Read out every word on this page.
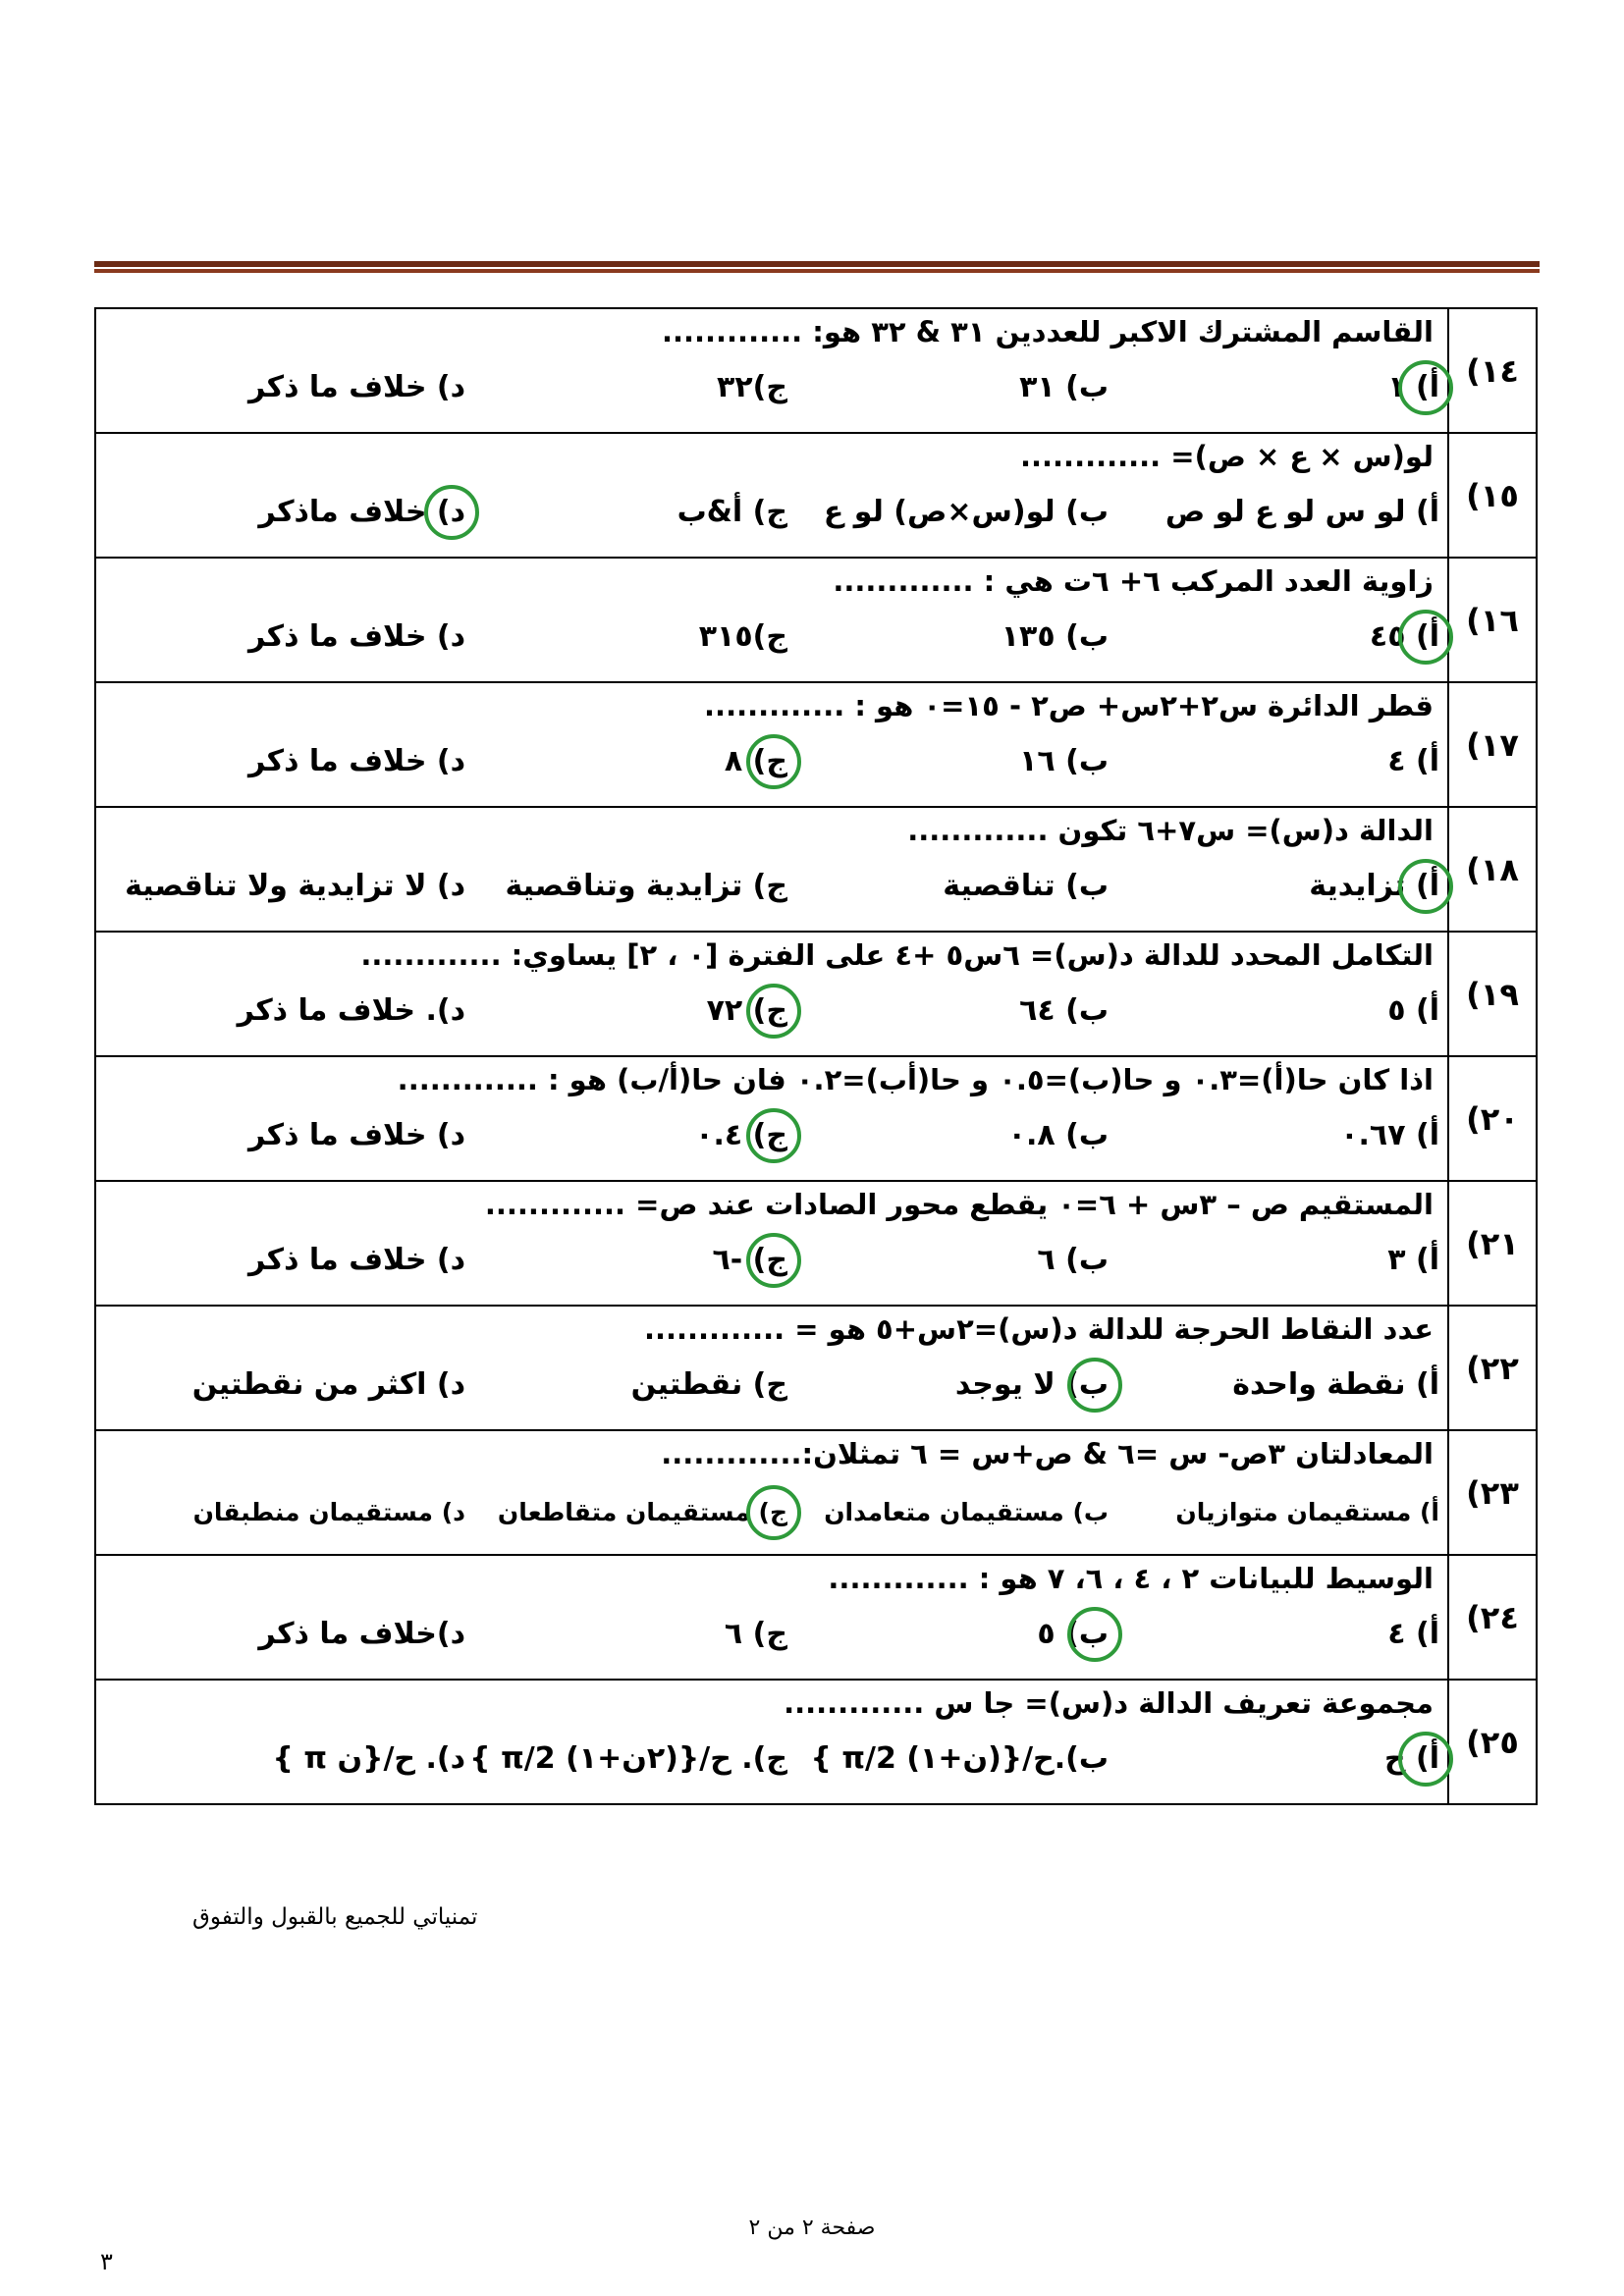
١٤)	القاسم المشترك الاكبر للعددين ٣١ & ٣٢ هو: .............
أ) ١
ب) ٣١
ج)٣٢
د) خلاف ما ذكر

١٥)	لو(س × ع × ص)= .............
أ) لو س لو ع لو ص
ب) لو(س×ص) لو ع
ج) أ&ب
د) خلاف ماذكر

١٦)	زاوية العدد المركب ٦+ ٦ت هي : .............
أ) ٤٥
ب) ١٣٥
ج)٣١٥
د) خلاف ما ذكر

١٧)	قطر الدائرة س٢+٢س+ ص٢ - ١٥=٠ هو : .............
أ) ٤
ب) ١٦
ج) ٨
د) خلاف ما ذكر

١٨)	الدالة د(س)= س٧+٦ تكون .............
أ) تزايدية
ب) تناقصية
ج) تزايدية وتناقصية
د) لا تزايدية ولا تناقصية

١٩)	التكامل المحدد للدالة د(س)= ٦س٥ +٤ على الفترة [٠ ، ٢] يساوي: .............
أ) ٥
ب) ٦٤
ج) ٧٢
د). خلاف ما ذكر

٢٠)	اذا كان حا(أ)=٠.٣ و حا(ب)=٠.٥ و حا(أب)=٠.٢ فان حا(أ/ب) هو : .............
أ) ٠.٦٧
ب) ٠.٨
ج) ٠.٤
د) خلاف ما ذكر

٢١)	المستقيم ص – ٣س + ٦=٠ يقطع محور الصادات عند ص= .............
أ) ٣
ب) ٦
ج) -٦
د) خلاف ما ذكر

٢٢)	عدد النقاط الحرجة للدالة د(س)=٢س+٥ هو = .............
أ) نقطة واحدة
ب) لا يوجد
ج) نقطتين
د) اكثر من نقطتين

٢٣)	المعادلتان ٣ص- س =٦ & ص+س = ٦ تمثلان:.............
أ) مستقيمان متوازيان
ب) مستقيمان متعامدان
ج) مستقيمان متقاطعان
د) مستقيمان منطبقان

٢٤)	الوسيط للبيانات ٢ ، ٤ ، ٦، ٧ هو : .............
أ) ٤
ب) ٥
ج) ٦
د)خلاف ما ذكر

٢٥)	مجموعة تعريف الدالة د(س)= جا س .............
أ) ح
ب).ح/{(ن+١) π/2 }
ج). ح/{(٢ن+١) π/2 }
د). ح/{ن π }
تمنياتي للجميع بالقبول والتفوق
صفحة ٢ من ٢
٣
